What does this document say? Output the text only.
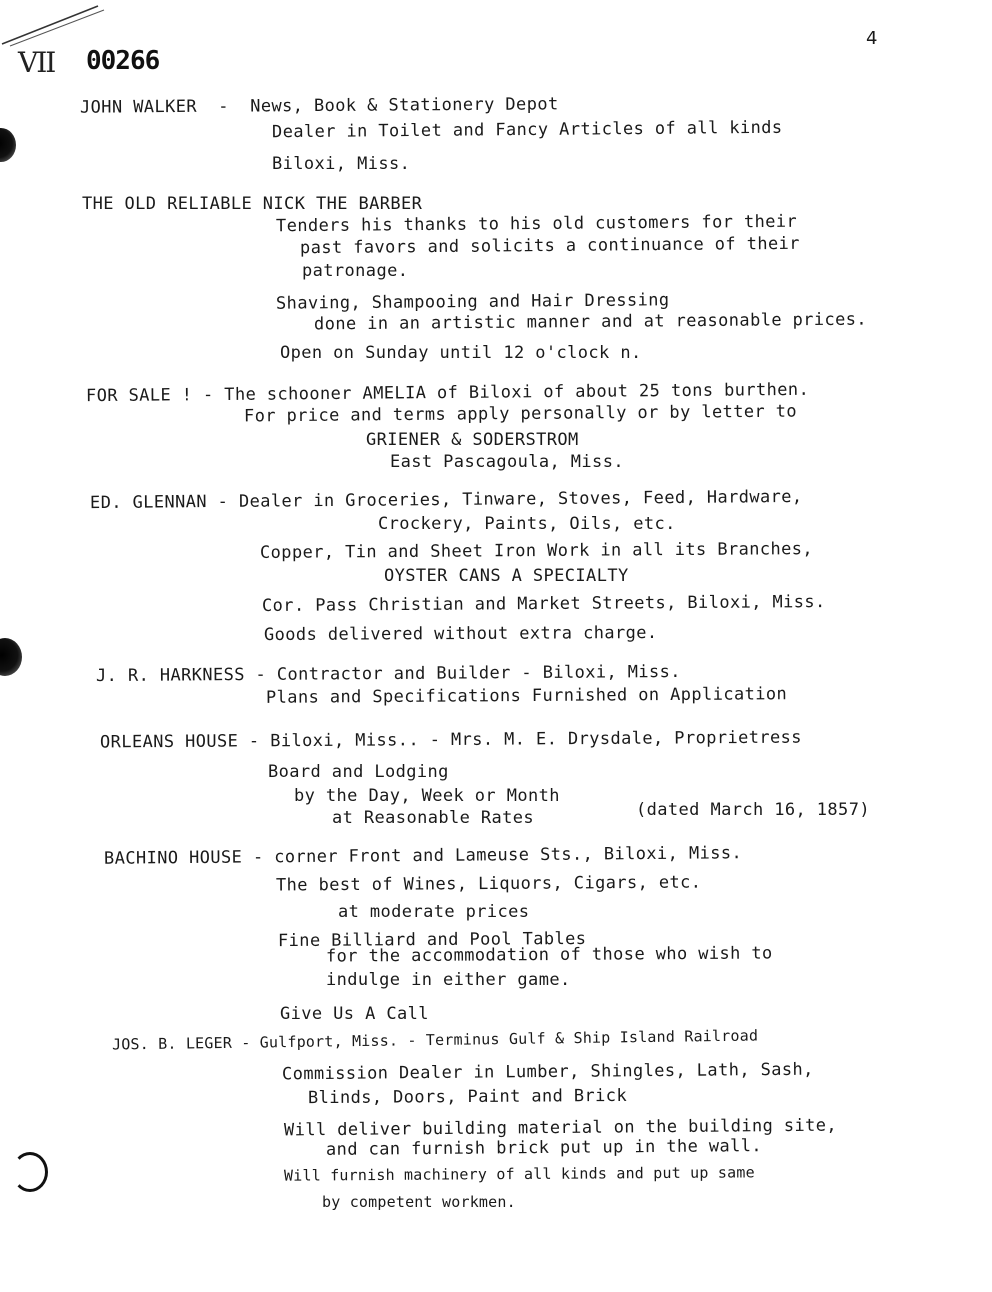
VII 00266
4
JOHN WALKER  -  News, Book & Stationery Depot
Dealer in Toilet and Fancy Articles of all kinds
Biloxi, Miss.
THE OLD RELIABLE NICK THE BARBER
Tenders his thanks to his old customers for their
past favors and solicits a continuance of their
patronage.
Shaving, Shampooing and Hair Dressing
done in an artistic manner and at reasonable prices.
Open on Sunday until 12 o'clock n.
FOR SALE ! - The schooner AMELIA of Biloxi of about 25 tons burthen.
For price and terms apply personally or by letter to
GRIENER & SODERSTROM
East Pascagoula, Miss.
ED. GLENNAN - Dealer in Groceries, Tinware, Stoves, Feed, Hardware,
Crockery, Paints, Oils, etc.
Copper, Tin and Sheet Iron Work in all its Branches,
OYSTER CANS A SPECIALTY
Cor. Pass Christian and Market Streets, Biloxi, Miss.
Goods delivered without extra charge.
J. R. HARKNESS - Contractor and Builder - Biloxi, Miss.
Plans and Specifications Furnished on Application
ORLEANS HOUSE - Biloxi, Miss.. - Mrs. M. E. Drysdale, Proprietress
Board and Lodging
by the Day, Week or Month
at Reasonable Rates	(dated March 16, 1857)
BACHINO HOUSE - corner Front and Lameuse Sts., Biloxi, Miss.
The best of Wines, Liquors, Cigars, etc.
at moderate prices
Fine Billiard and Pool Tables
for the accommodation of those who wish to
indulge in either game.
Give Us A Call
JOS. B. LEGER - Gulfport, Miss. - Terminus Gulf & Ship Island Railroad
Commission Dealer in Lumber, Shingles, Lath, Sash,
Blinds, Doors, Paint and Brick
Will deliver building material on the building site,
and can furnish brick put up in the wall.
Will furnish machinery of all kinds and put up same
by competent workmen.
